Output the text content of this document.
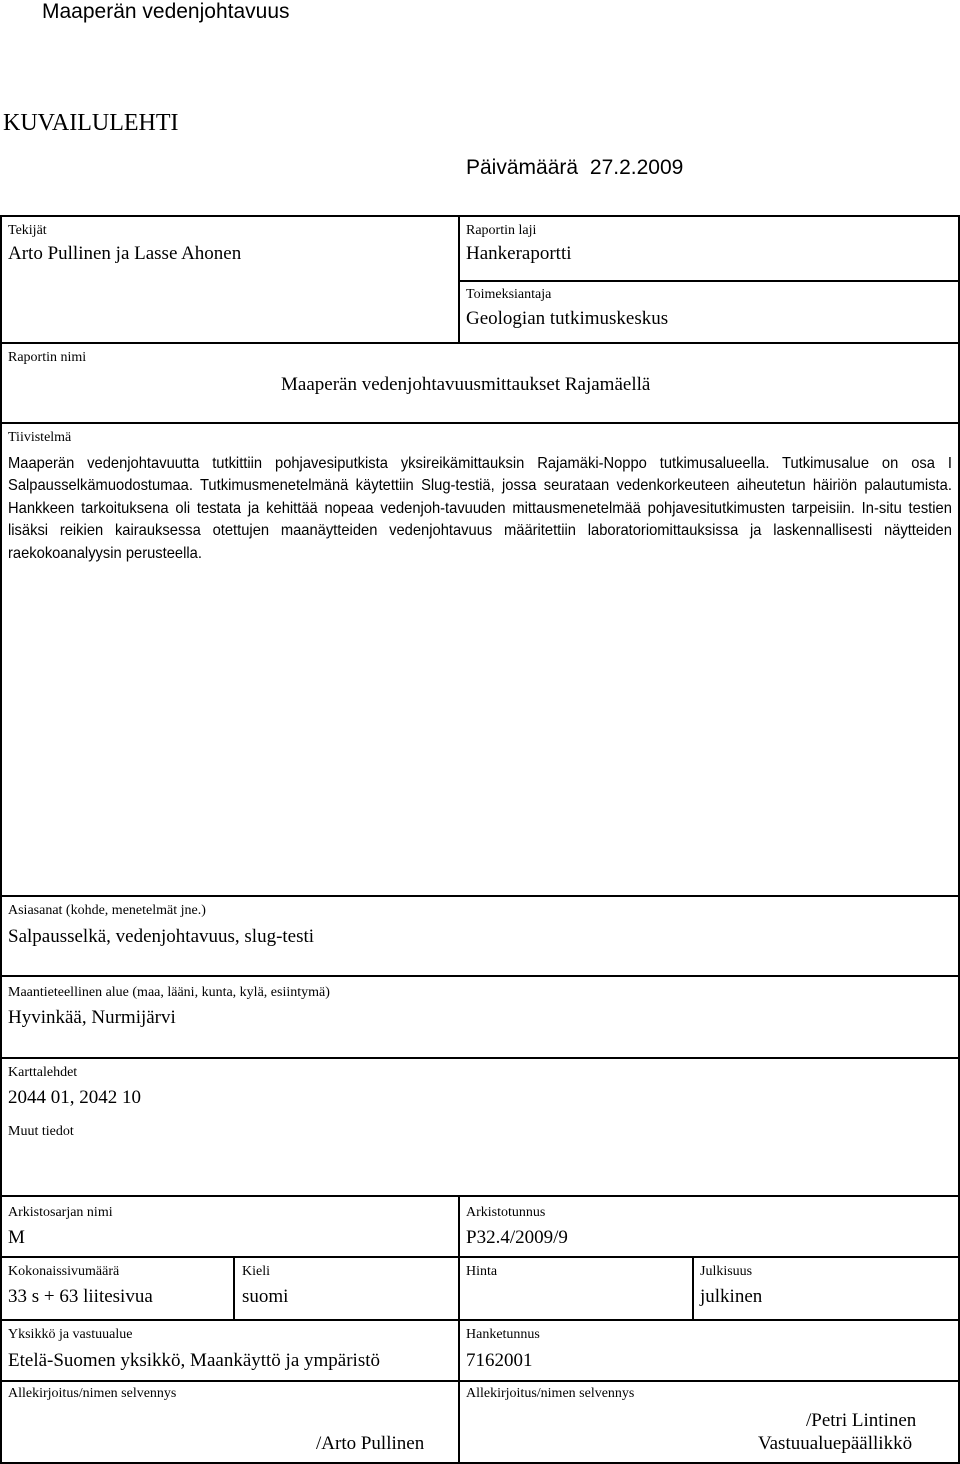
Maaperän vedenjohtavuus
KUVAILULEHTI
Päivämäärä 27.2.2009
Tekijät
Arto Pullinen ja Lasse Ahonen
Raportin laji
Hankeraportti
Toimeksiantaja
Geologian tutkimuskeskus
Raportin nimi
Maaperän vedenjohtavuusmittaukset Rajamäellä
Tiivistelmä
Maaperän vedenjohtavuutta tutkittiin pohjavesiputkista yksireikämittauksin Rajamäki-Noppo tutkimusalueella. Tutkimusalue on osa I Salpausselkämuodostumaa. Tutkimusmenetelmänä käytettiin Slug-testiä, jossa seurataan vedenkorkeuteen aiheutetun häiriön palautumista. Hankkeen tarkoituksena oli testata ja kehittää nopeaa vedenjoh-tavuuden mittausmenetelmää pohjavesitutkimusten tarpeisiin. In-situ testien lisäksi reikien kairauksessa otettujen maanäytteiden vedenjohtavuus määritettiin laboratoriomittauksissa ja laskennallisesti näytteiden raekokoanalyysin perusteella.
Asiasanat (kohde, menetelmät jne.)
Salpausselkä, vedenjohtavuus, slug-testi
Maantieteellinen alue (maa, lääni, kunta, kylä, esiintymä)
Hyvinkää, Nurmijärvi
Karttalehdet
2044 01, 2042 10
Muut tiedot
Arkistosarjan nimi
M
Arkistotunnus
P32.4/2009/9
Kokonaissivumäärä
33 s + 63 liitesivua
Kieli
suomi
Hinta	Julkisuus
julkinen
Yksikkö ja vastuualue
Etelä-Suomen yksikkö, Maankäyttö ja ympäristö
Hanketunnus
7162001
Allekirjoitus/nimen selvennys
/Arto Pullinen
Allekirjoitus/nimen selvennys
/Petri Lintinen
Vastuualuepäällikkö
